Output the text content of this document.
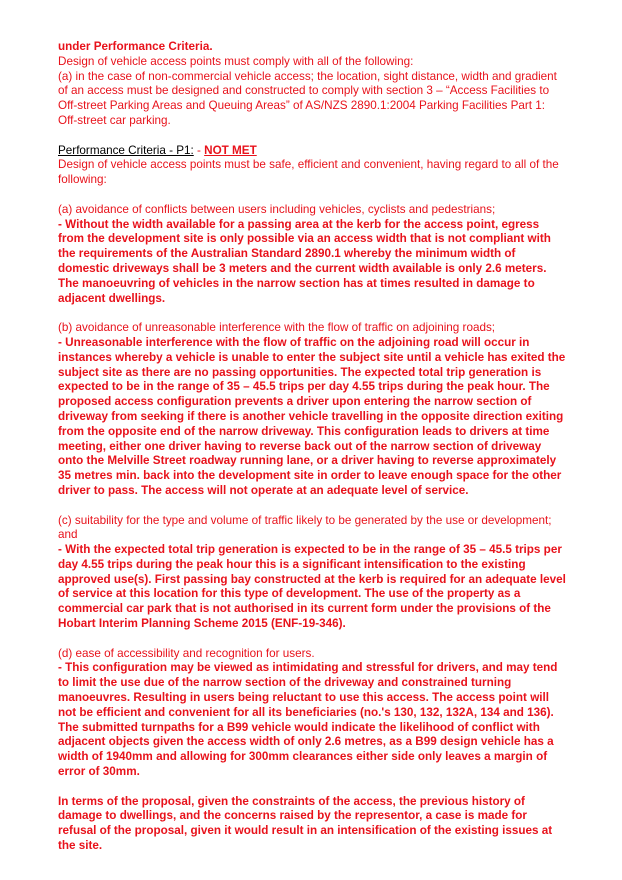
under Performance Criteria.

Design of vehicle access points must comply with all of the following:

(a) in the case of non-commercial vehicle access; the location, sight distance, width and gradient of an access must be designed and constructed to comply with section 3 – “Access Facilities to Off-street Parking Areas and Queuing Areas” of AS/NZS 2890.1:2004 Parking Facilities Part 1: Off-street car parking.

Performance Criteria - P1: - NOT MET

Design of vehicle access points must be safe, efficient and convenient, having regard to all of the following:

(a) avoidance of conflicts between users including vehicles, cyclists and pedestrians;

- Without the width available for a passing area at the kerb for the access point, egress from the development site is only possible via an access width that is not compliant with the requirements of the Australian Standard 2890.1 whereby the minimum width of domestic driveways shall be 3 meters and the current width available is only 2.6 meters. The manoeuvring of vehicles in the narrow section has at times resulted in damage to adjacent dwellings.

(b) avoidance of unreasonable interference with the flow of traffic on adjoining roads;

- Unreasonable interference with the flow of traffic on the adjoining road will occur in instances whereby a vehicle is unable to enter the subject site until a vehicle has exited the subject site as there are no passing opportunities. The expected total trip generation is expected to be in the range of 35 – 45.5 trips per day 4.55 trips during the peak hour. The proposed access configuration prevents a driver upon entering the narrow section of driveway from seeking if there is another vehicle travelling in the opposite direction exiting from the opposite end of the narrow driveway. This configuration leads to drivers at time meeting, either one driver having to reverse back out of the narrow section of driveway onto the Melville Street roadway running lane, or a driver having to reverse approximately 35 metres min. back into the development site in order to leave enough space for the other driver to pass. The access will not operate at an adequate level of service.

(c) suitability for the type and volume of traffic likely to be generated by the use or development; and

- With the expected total trip generation is expected to be in the range of 35 – 45.5 trips per day 4.55 trips during the peak hour this is a significant intensification to the existing approved use(s). First passing bay constructed at the kerb is required for an adequate level of service at this location for this type of development. The use of the property as a commercial car park that is not authorised in its current form under the provisions of the Hobart Interim Planning Scheme 2015 (ENF-19-346).

(d) ease of accessibility and recognition for users.

- This configuration may be viewed as intimidating and stressful for drivers, and may tend to limit the use due of the narrow section of the driveway and constrained turning manoeuvres. Resulting in users being reluctant to use this access. The access point will not be efficient and convenient for all its beneficiaries (no.'s 130, 132, 132A, 134 and 136). The submitted turnpaths for a B99 vehicle would indicate the likelihood of conflict with adjacent objects given the access width of only 2.6 metres, as a B99 design vehicle has a width of 1940mm and allowing for 300mm clearances either side only leaves a margin of error of 30mm.

In terms of the proposal, given the constraints of the access, the previous history of damage to dwellings, and the concerns raised by the representor, a case is made for refusal of the proposal, given it would result in an intensification of the existing issues at the site.
